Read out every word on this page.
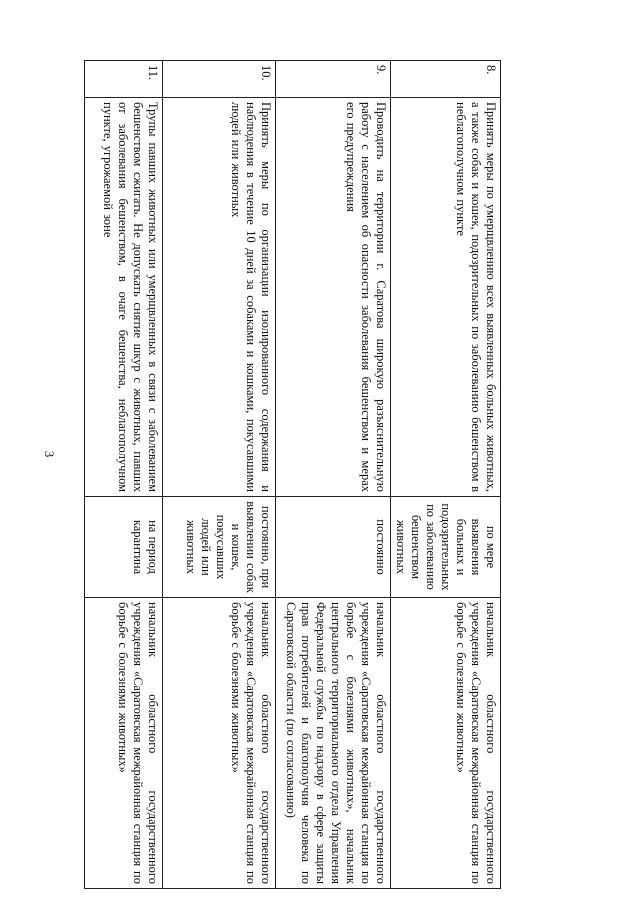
3
8.	Принять меры по умерщвлению всех выявленных больных животных, а также собак и кошек, подозрительных по заболеванию бешенством в неблагополучном пункте	по мере выявления больных и подозрительных по заболеванию бешенством животных	начальник областного государственного учреждения «Саратовская межрайонная станция по борьбе с болезнями животных»
9.	Проводить на территории г. Саратова широкую разъяснительную работу с населением об опасности заболевания бешенством и мерах его предупреждения	постоянно	начальник областного государственного учреждения «Саратовская межрайонная станция по борьбе с болезнями животных», начальник центрального территориального отдела Управления Федеральной службы по надзору в сфере защиты прав потребителей и благополучия человека по Саратовской области (по согласованию)
10.	Принять меры по организации изолированного содержания и наблюдения в течение 10 дней за собаками и кошками, покусавшими людей или животных	постоянно, при выявлении собак и кошек, покусавших людей или животных	начальник областного государственного учреждения «Саратовская межрайонная станция по борьбе с болезнями животных»
11.	Трупы павших животных или умерщвленных в связи с заболеванием бешенством сжигать. Не допускать снятие шкур с животных, павших от заболевания бешенством, в очаге бешенства, неблагополучном пункте, угрожаемой зоне	на период карантина	начальник областного государственного учреждения «Саратовская межрайонная станция по борьбе с болезнями животных»
